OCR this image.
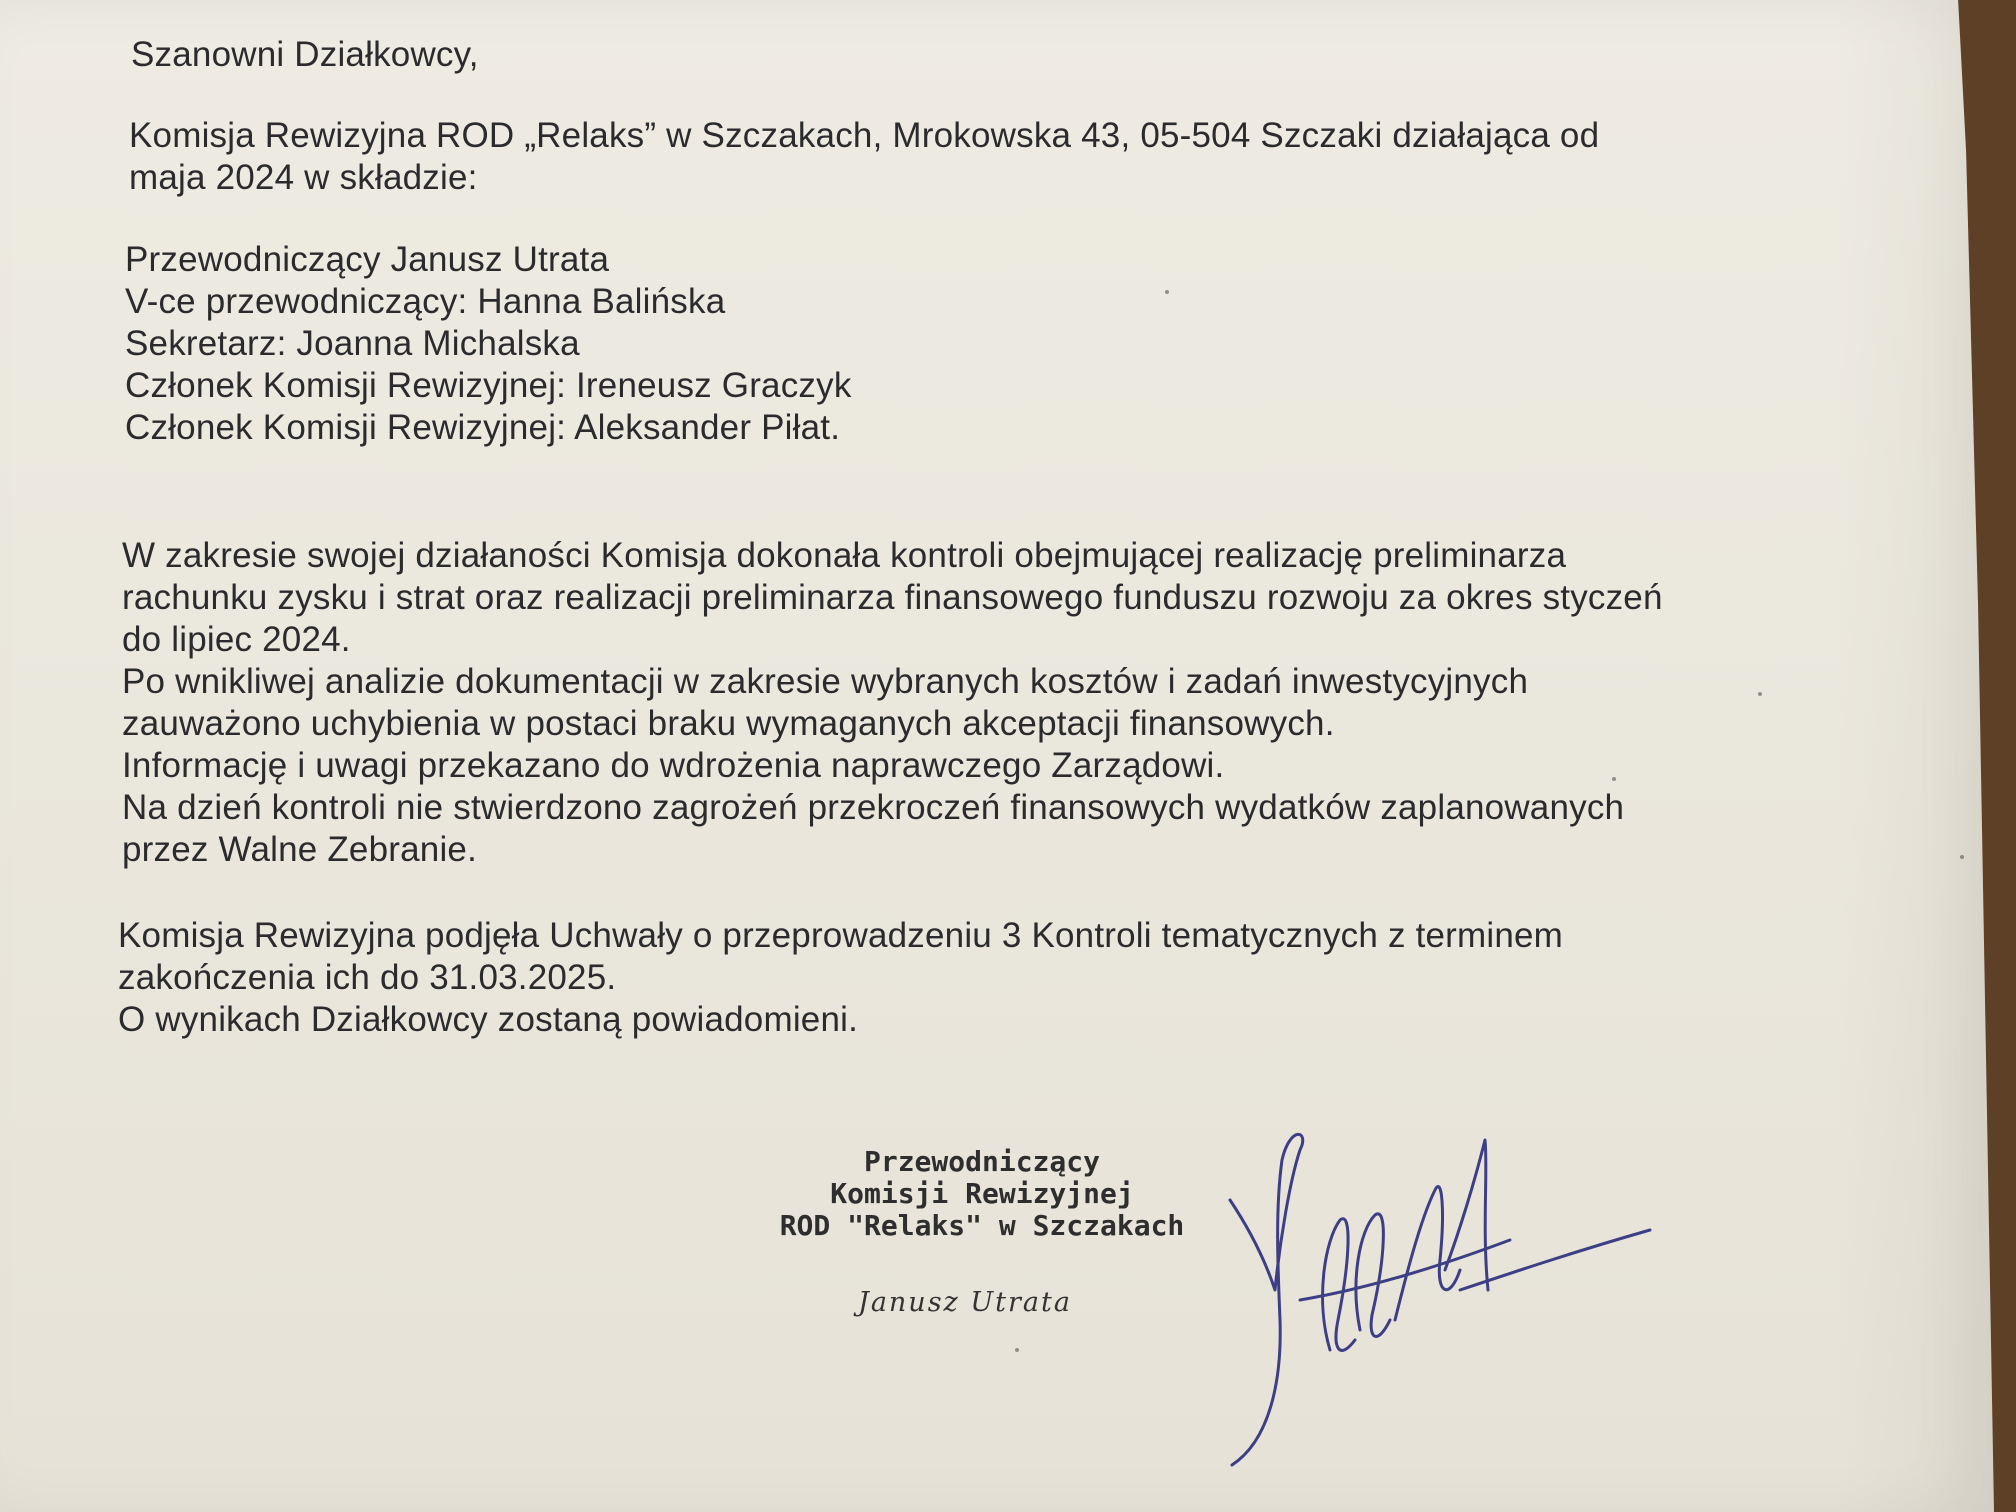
Szanowni Działkowcy,
Komisja Rewizyjna ROD „Relaks” w Szczakach, Mrokowska 43, 05-504 Szczaki działająca od
maja 2024 w składzie:
Przewodniczący Janusz Utrata
V-ce przewodniczący: Hanna Balińska
Sekretarz: Joanna Michalska
Członek Komisji Rewizyjnej: Ireneusz Graczyk
Członek Komisji Rewizyjnej: Aleksander Piłat.
W zakresie swojej działaności Komisja dokonała kontroli obejmującej realizację preliminarza
rachunku zysku i strat oraz realizacji preliminarza finansowego funduszu rozwoju za okres styczeń
do lipiec 2024.
Po wnikliwej analizie dokumentacji w zakresie wybranych kosztów i zadań inwestycyjnych
zauważono uchybienia w postaci braku wymaganych akceptacji finansowych.
Informację i uwagi przekazano do wdrożenia naprawczego Zarządowi.
Na dzień kontroli nie stwierdzono zagrożeń przekroczeń finansowych wydatków zaplanowanych
przez Walne Zebranie.
Komisja Rewizyjna podjęła Uchwały o przeprowadzeniu 3 Kontroli tematycznych z terminem
zakończenia ich do 31.03.2025.
O wynikach Działkowcy zostaną powiadomieni.
Przewodniczący
Komisji Rewizyjnej
ROD "Relaks" w Szczakach
Janusz Utrata
